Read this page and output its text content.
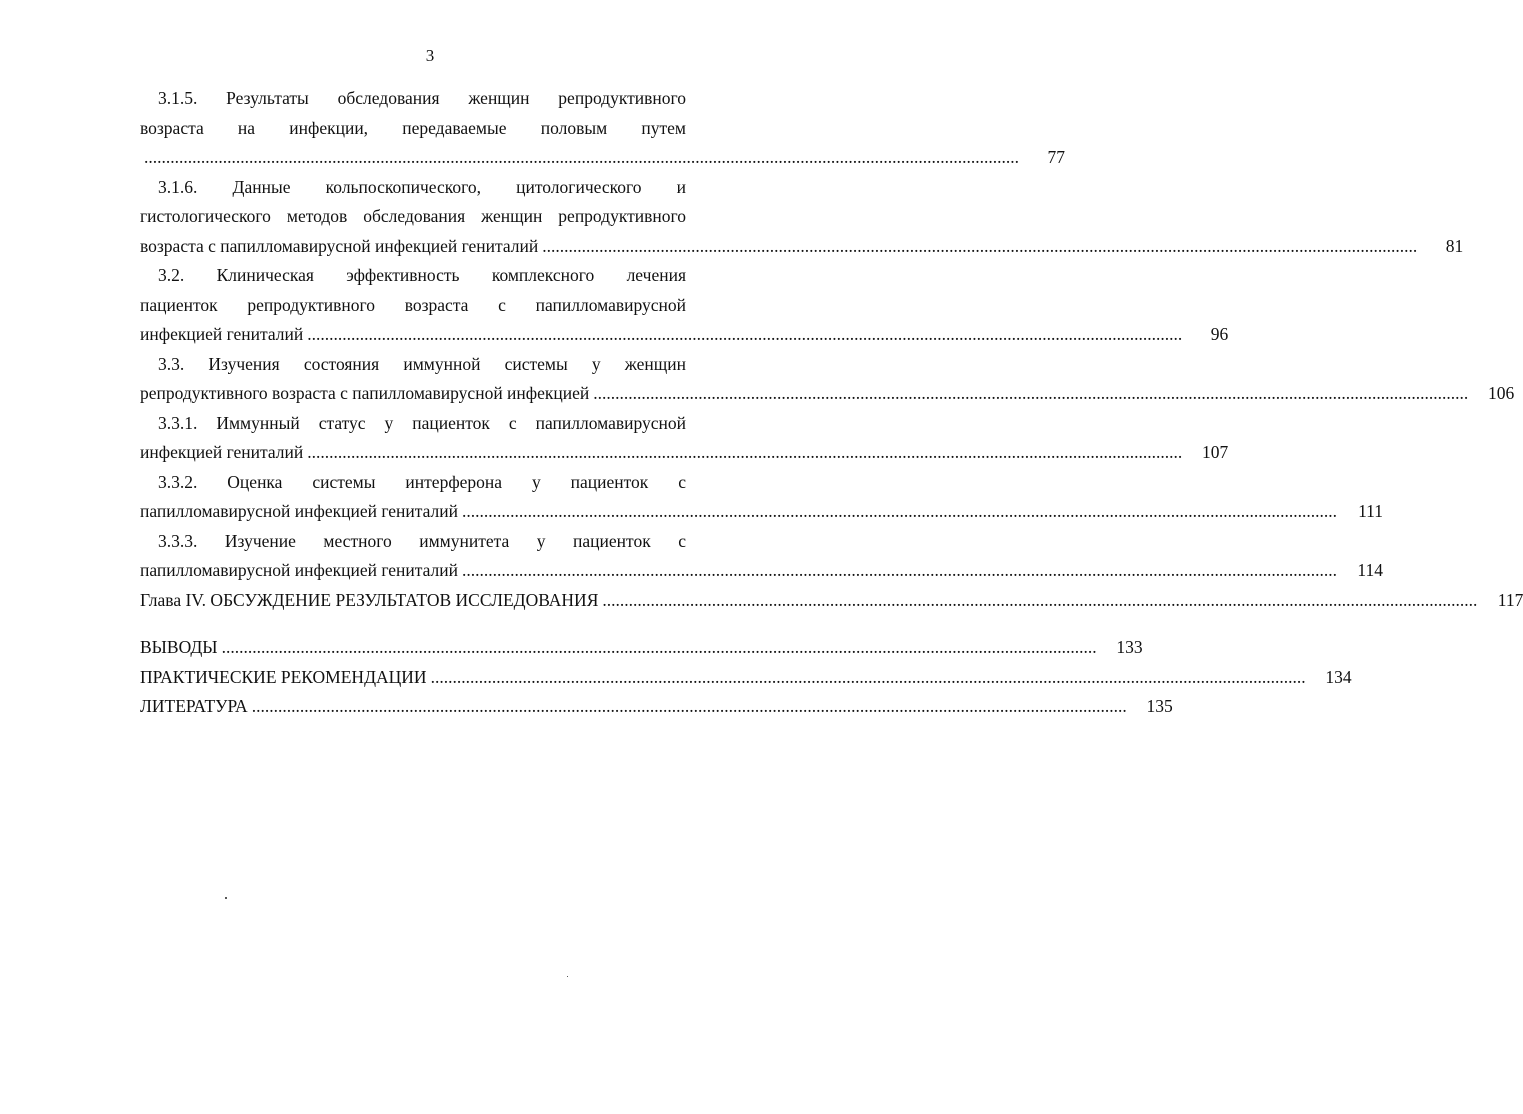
3
3.1.5. Результаты обследования женщин репродуктивного
возраста на инфекции, передаваемые половым путем
........................................................................................................................................................................................................	77
3.1.6. Данные кольпоскопического, цитологического и
гистологического методов обследования женщин репродуктивного
возраста с папилломавирусной инфекцией гениталий ........................................................................................................................................................................................................	81
3.2. Клиническая эффективность комплексного лечения
пациенток репродуктивного возраста с папилломавирусной
инфекцией гениталий ........................................................................................................................................................................................................	96
3.3. Изучения состояния иммунной системы у женщин
репродуктивного возраста с папилломавирусной инфекцией ........................................................................................................................................................................................................	106
3.3.1. Иммунный статус у пациенток с папилломавирусной
инфекцией гениталий ........................................................................................................................................................................................................	107
3.3.2. Оценка системы интерферона у пациенток с
папилломавирусной инфекцией гениталий ........................................................................................................................................................................................................	111
3.3.3. Изучение местного иммунитета у пациенток с
папилломавирусной инфекцией гениталий ........................................................................................................................................................................................................	114
Глава IV. ОБСУЖДЕНИЕ РЕЗУЛЬТАТОВ ИССЛЕДОВАНИЯ ........................................................................................................................................................................................................	117
ВЫВОДЫ ........................................................................................................................................................................................................	133
ПРАКТИЧЕСКИЕ РЕКОМЕНДАЦИИ ........................................................................................................................................................................................................	134
ЛИТЕРАТУРА ........................................................................................................................................................................................................	135
